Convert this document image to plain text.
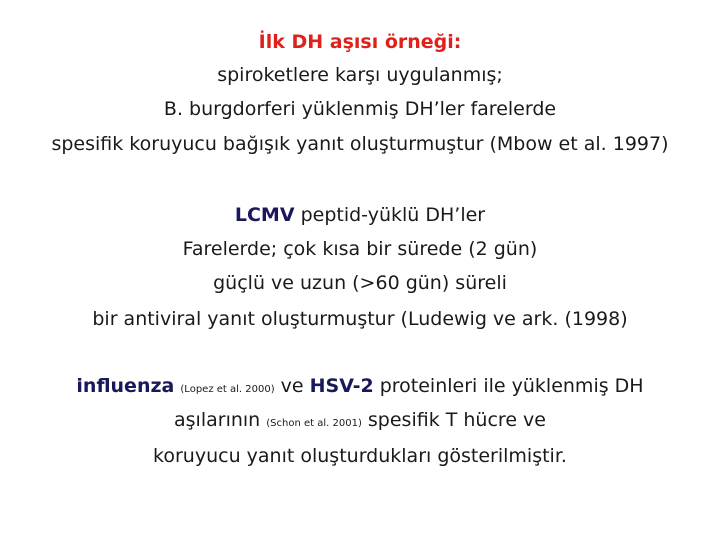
İlk DH aşısı örneği:
spiroketlere karşı uygulanmış;
B. burgdorferi yüklenmiş DH’ler farelerde
spesifik koruyucu bağışık yanıt oluşturmuştur (Mbow et al. 1997)
LCMV peptid-yüklü DH’ler
Farelerde; çok kısa bir sürede (2 gün)
güçlü ve uzun (>60 gün) süreli
bir antiviral yanıt oluşturmuştur (Ludewig ve ark. (1998)
influenza (Lopez et al. 2000) ve HSV-2 proteinleri ile yüklenmiş DH
aşılarının (Schon et al. 2001) spesifik T hücre ve
koruyucu yanıt oluşturdukları gösterilmiştir.
